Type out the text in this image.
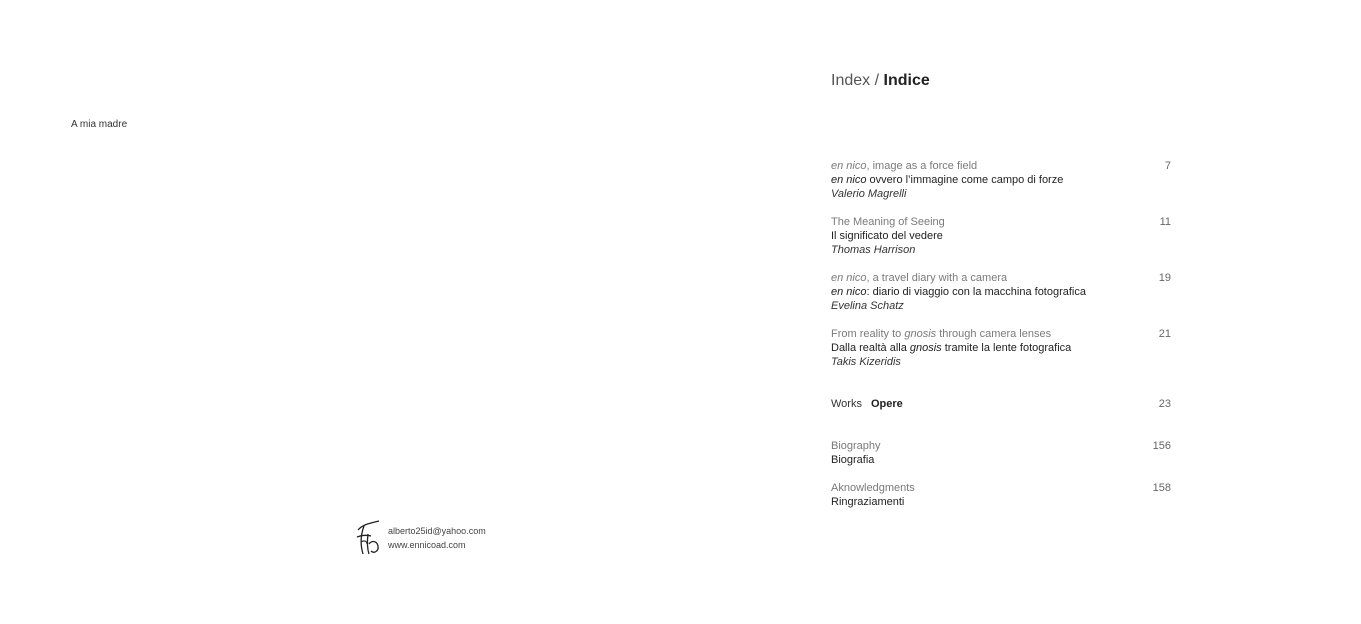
A mia madre
alberto25id@yahoo.com
www.ennicoad.com
Index / Indice
en nico, image as a force field
en nico ovvero l’immagine come campo di forze
Valerio Magrelli
7
The Meaning of Seeing
Il significato del vedere
Thomas Harrison
11
en nico, a travel diary with a camera
en nico: diario di viaggio con la macchina fotografica
Evelina Schatz
19
From reality to gnosis through camera lenses
Dalla realtà alla gnosis tramite la lente fotografica
Takis Kizeridis
21
Works Opere	23
Biography
Biografia
156
Aknowledgments
Ringraziamenti
158
